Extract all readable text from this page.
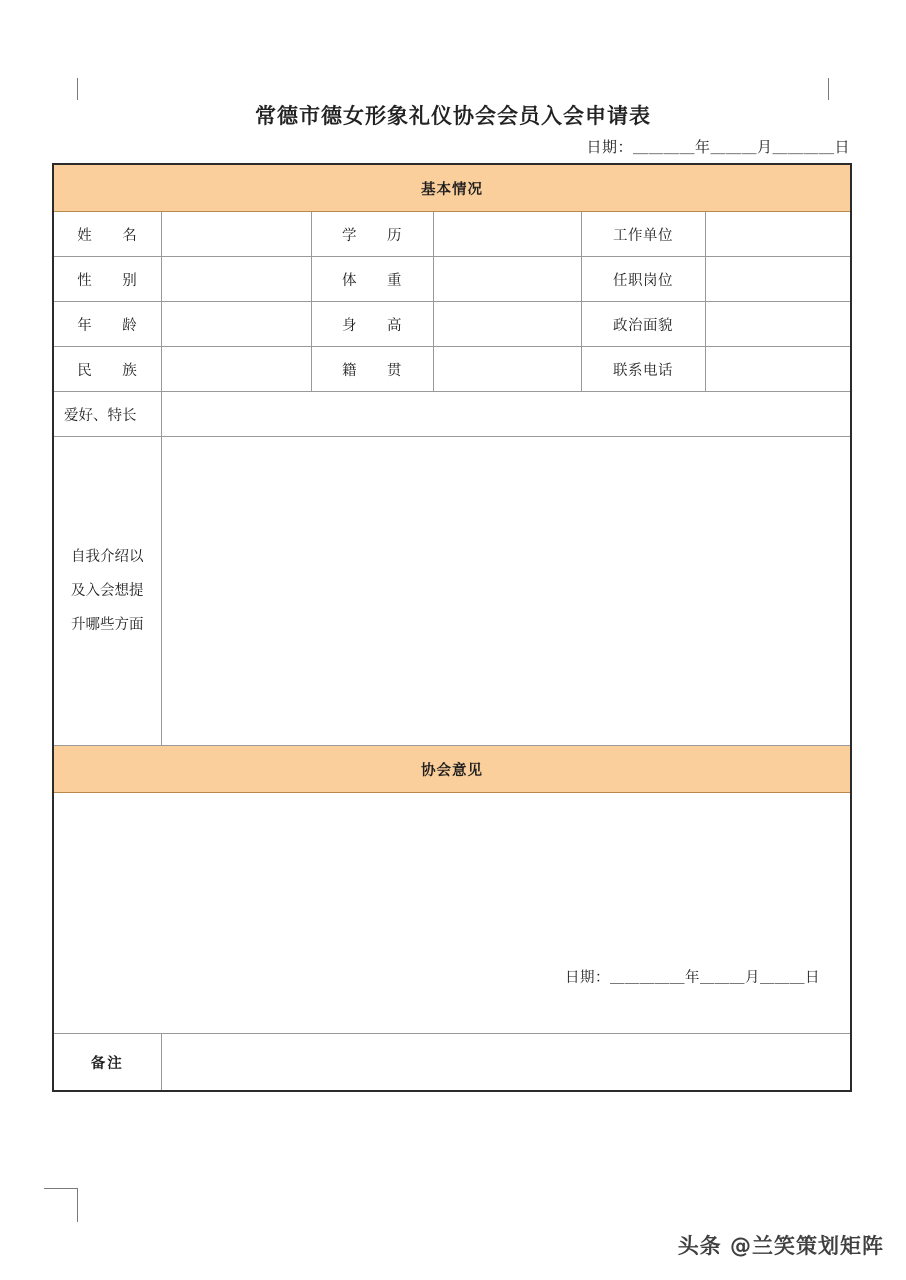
常德市德女形象礼仪协会会员入会申请表
日期：＿＿＿＿年＿＿＿月＿＿＿＿日
基本情况					
姓　　名		学　　历		工作单位	
性　　别		体　　重		任职岗位	
年　　龄		身　　高		政治面貌	
民　　族		籍　　贯		联系电话	
爱好、特长					

自我介绍以
及入会想提
升哪些方面					

协会意见					

日期：＿＿＿＿＿年＿＿＿月＿＿＿日					

备注					
头条 @兰笑策划矩阵
